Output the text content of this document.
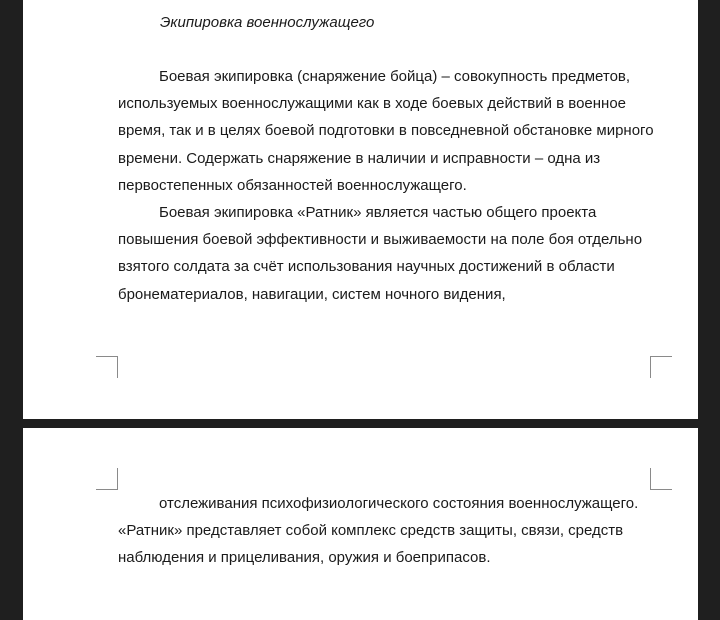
Экипировка военнослужащего

Боевая экипировка (снаряжение бойца) – совокупность предметов, используемых военнослужащими как в ходе боевых действий в военное время, так и в целях боевой подготовки в повседневной обстановке мирного времени. Содержать снаряжение в наличии и исправности – одна из первостепенных обязанностей военнослужащего.

Боевая экипировка «Ратник» является частью общего проекта повышения боевой эффективности и выживаемости на поле боя отдельно взятого солдата за счёт использования научных достижений в области бронематериалов, навигации, систем ночного видения,

отслеживания психофизиологического состояния военнослужащего. «Ратник» представляет собой комплекс средств защиты, связи, средств наблюдения и прицеливания, оружия и боеприпасов.
